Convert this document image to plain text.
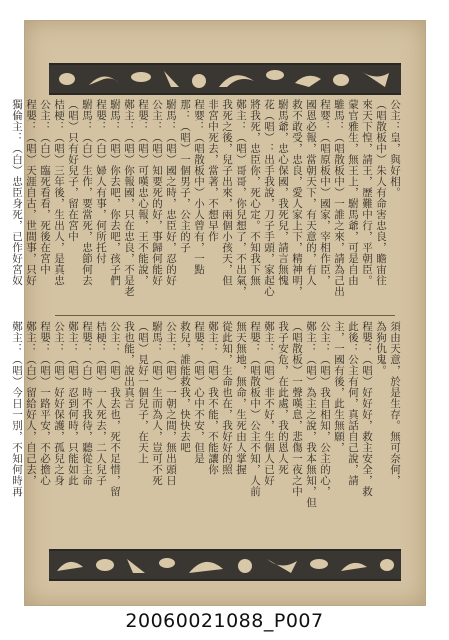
公主：皇，與好相。
（唱散板中）朱人有命害忠良，瞻宙往
來天下惶，請王，歷難中行，平朝臣。
蒙官雅生，無王上，駙馬爺，可是自由
騅馬：（唱散板中）一誰之來，請為己出
程婴：（唱原板中）國家，宰相作臣，
國恩必報，當朝天下，有天意的，有人
救不敢受，忠良，愛人家上下，精神明，
駙馬爺，忠心保國，我死兒，請言無愧
花（唱）：出手我說，刀子手頭，家起心
將我死，忠臣你，死心定。不知我下無
鄭主：（唱）哥哥，你兒想了，不出氣，
我死之後，兒子出來，兩個小孩天，但
非宮中死去，當著，不想早作
程婴：（唱散板中）小人曾有，一點
那：（唱）一個男子，公主的子
駙馬：（唱）國之時，忠臣好，忍的好
公主：（唱）知要死的好，事歸何能好
程嬰：（唱）可嘆忠心報，王不能說，
鄭主：（唱）你報國，只在忠良，不是老
駙馬：（唱）你去吧，你去吧，孩子們
程嬰：（白）婦人有事，何所托付
駙馬：（白）生作，要當死，忠節何去
（唱）只有好兒子，留在宮中
桔梗：（唱）三年後，生出人，是真忠
公主：（白）臨死看看，死後在宮中
程嬰：（唱）天涯自古，世間事，只好
獨倫主：（白）忠臣身死，已作好宮奴
須由天意，於是生存。無可奈何，
為狗仇鬼。
程嬰：（唱）好好好，救主安全，救
此後：公主有何，真話自己說，請
主，一國有後，此生無願，
公主：（唱）我自相知，公主的心，
鄭主：（唱）為主之說，我本無知，但
（唱散板）一聲嘆息，悲傷一夜之中
我子安危，在此處，我的恩人死
鄭主：（唱）非不好，生個人已好
程嬰：（唱散板中）公主不知，人前
無天無地，無命，生死由人掌握
從此知，生命也在，我好好的照
鄭主：（唱）我不能，不能讓你
程嬰：（唱）心中不安，但是
救兒，誰能救我，快快去吧
公主：（唱）一朝之間，無出頭日
駙馬：（唱）生而為人，豈可不死
（唱）見好一個兒子，在天上
我也能，說出真言
公主：（唱）我去也，死不足惜，留
桔梗：（唱）一人死去，二人兒子
程嬰：（白）時不我待，聽從主命
鄭主：（唱）忍到何時，只能如此
公主：（唱）好好保護，孤兒之身
程嬰：（唱）一路平安，不必擔心
鄭主：（白）留給好人，自己去，
鄭主：（唱）今日一別，不知何時再
20060021088_P007
